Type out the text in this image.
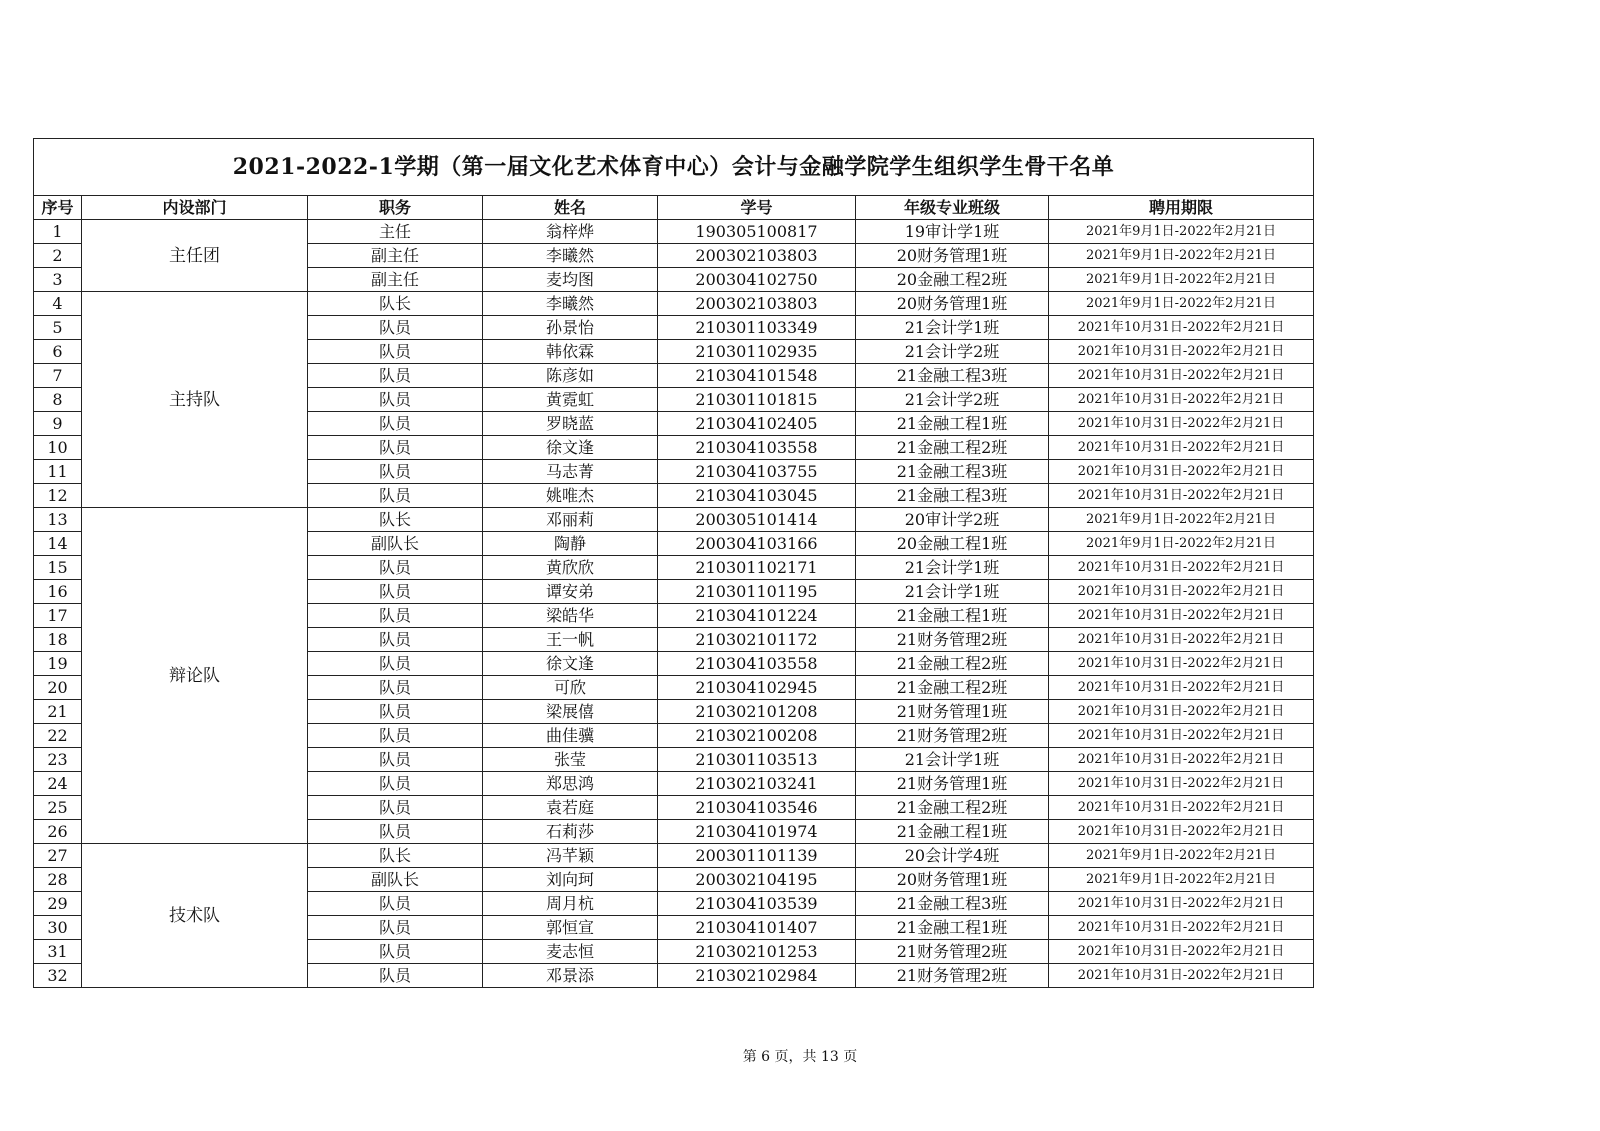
2021-2022-1学期（第一届文化艺术体育中心）会计与金融学院学生组织学生骨干名单						
序号	内设部门	职务	姓名	学号	年级专业班级	聘用期限
1	主任团	主任	翁梓烨	190305100817	19审计学1班	2021年9月1日-2022年2月21日
2		副主任	李曦然	200302103803	20财务管理1班	2021年9月1日-2022年2月21日
3		副主任	麦均图	200304102750	20金融工程2班	2021年9月1日-2022年2月21日
4	主持队	队长	李曦然	200302103803	20财务管理1班	2021年9月1日-2022年2月21日
5		队员	孙景怡	210301103349	21会计学1班	2021年10月31日-2022年2月21日
6		队员	韩依霖	210301102935	21会计学2班	2021年10月31日-2022年2月21日
7		队员	陈彦如	210304101548	21金融工程3班	2021年10月31日-2022年2月21日
8		队员	黄霓虹	210301101815	21会计学2班	2021年10月31日-2022年2月21日
9		队员	罗晓蓝	210304102405	21金融工程1班	2021年10月31日-2022年2月21日
10		队员	徐文逢	210304103558	21金融工程2班	2021年10月31日-2022年2月21日
11		队员	马志菁	210304103755	21金融工程3班	2021年10月31日-2022年2月21日
12		队员	姚唯杰	210304103045	21金融工程3班	2021年10月31日-2022年2月21日
13	辩论队	队长	邓丽莉	200305101414	20审计学2班	2021年9月1日-2022年2月21日
14		副队长	陶静	200304103166	20金融工程1班	2021年9月1日-2022年2月21日
15		队员	黄欣欣	210301102171	21会计学1班	2021年10月31日-2022年2月21日
16		队员	谭安弟	210301101195	21会计学1班	2021年10月31日-2022年2月21日
17		队员	梁皓华	210304101224	21金融工程1班	2021年10月31日-2022年2月21日
18		队员	王一帆	210302101172	21财务管理2班	2021年10月31日-2022年2月21日
19		队员	徐文逢	210304103558	21金融工程2班	2021年10月31日-2022年2月21日
20		队员	可欣	210304102945	21金融工程2班	2021年10月31日-2022年2月21日
21		队员	梁展僖	210302101208	21财务管理1班	2021年10月31日-2022年2月21日
22		队员	曲佳骥	210302100208	21财务管理2班	2021年10月31日-2022年2月21日
23		队员	张莹	210301103513	21会计学1班	2021年10月31日-2022年2月21日
24		队员	郑思鸿	210302103241	21财务管理1班	2021年10月31日-2022年2月21日
25		队员	袁若庭	210304103546	21金融工程2班	2021年10月31日-2022年2月21日
26		队员	石莉莎	210304101974	21金融工程1班	2021年10月31日-2022年2月21日
27	技术队	队长	冯芊颖	200301101139	20会计学4班	2021年9月1日-2022年2月21日
28		副队长	刘向珂	200302104195	20财务管理1班	2021年9月1日-2022年2月21日
29		队员	周月杭	210304103539	21金融工程3班	2021年10月31日-2022年2月21日
30		队员	郭恒宣	210304101407	21金融工程1班	2021年10月31日-2022年2月21日
31		队员	麦志恒	210302101253	21财务管理2班	2021年10月31日-2022年2月21日
32		队员	邓景添	210302102984	21财务管理2班	2021年10月31日-2022年2月21日
第 6 页，共 13 页
